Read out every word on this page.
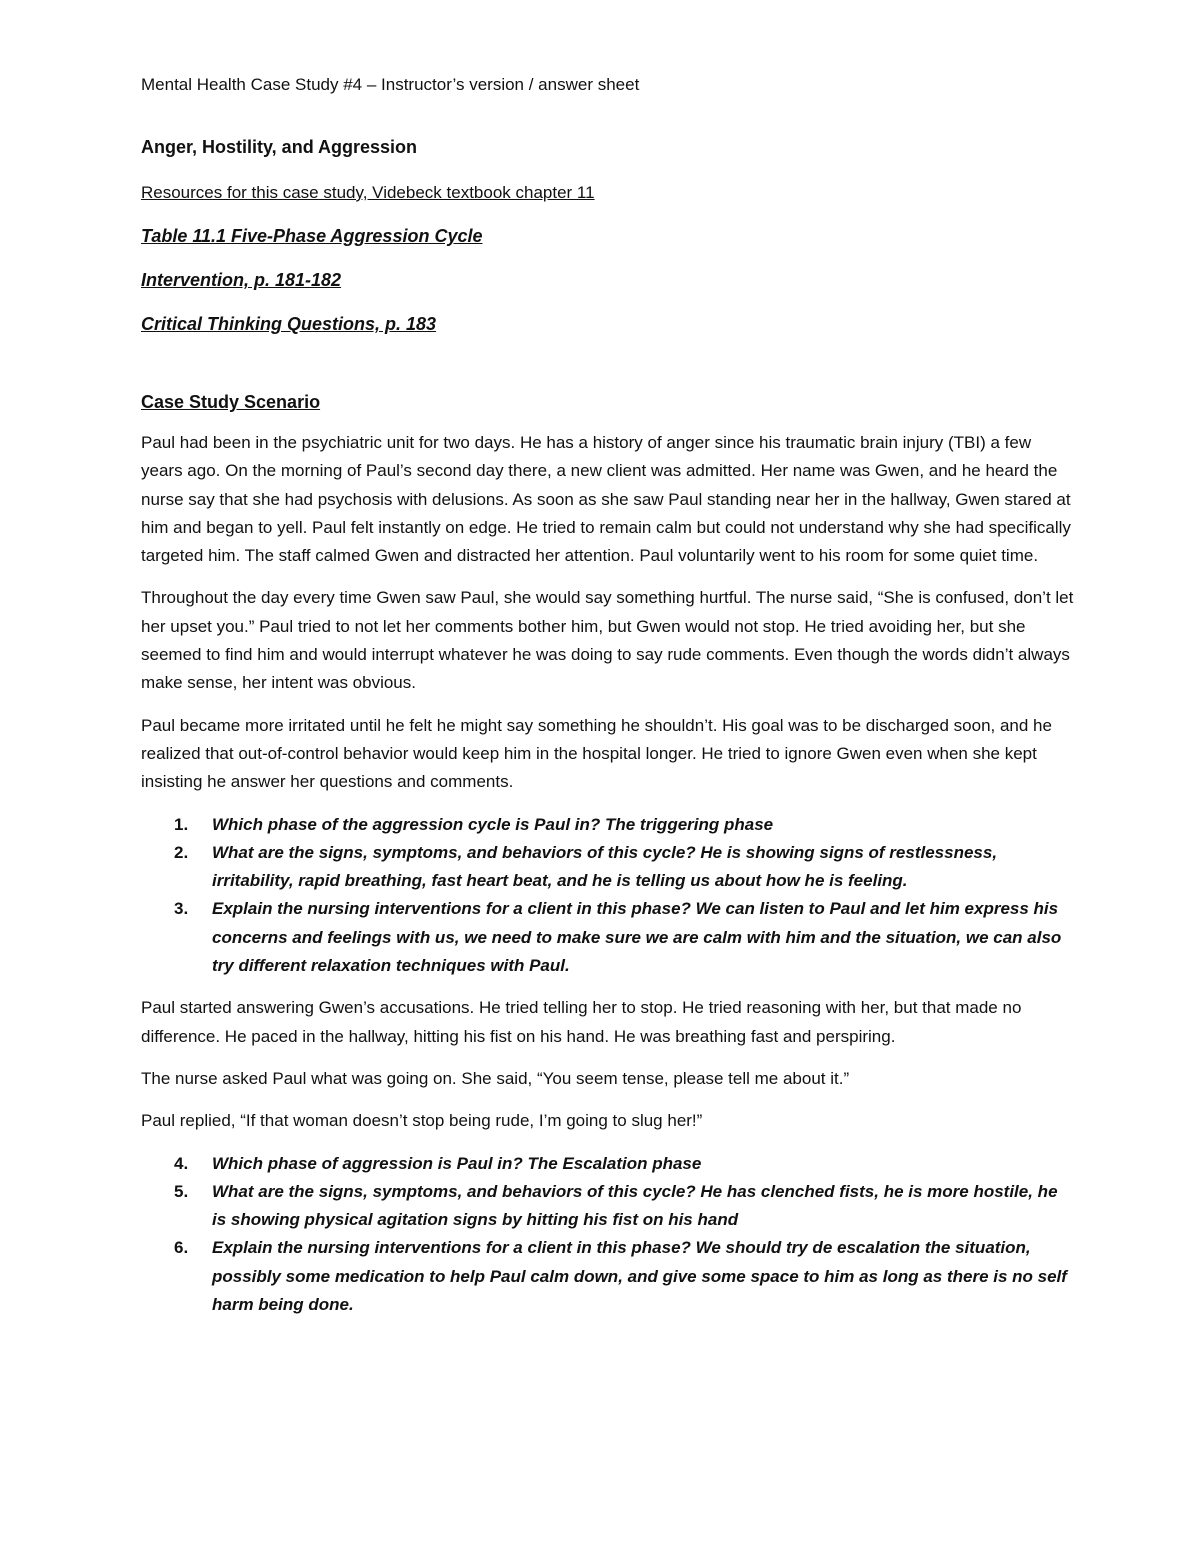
Mental Health Case Study #4 – Instructor’s version / answer sheet

Anger, Hostility, and Aggression

Resources for this case study, Videbeck textbook chapter 11

Table 11.1 Five-Phase Aggression Cycle

Intervention, p. 181-182

Critical Thinking Questions, p. 183

Case Study Scenario

Paul had been in the psychiatric unit for two days. He has a history of anger since his traumatic brain injury (TBI) a few years ago. On the morning of Paul’s second day there, a new client was admitted. Her name was Gwen, and he heard the nurse say that she had psychosis with delusions. As soon as she saw Paul standing near her in the hallway, Gwen stared at him and began to yell. Paul felt instantly on edge. He tried to remain calm but could not understand why she had specifically targeted him. The staff calmed Gwen and distracted her attention. Paul voluntarily went to his room for some quiet time.

Throughout the day every time Gwen saw Paul, she would say something hurtful. The nurse said, “She is confused, don’t let her upset you.” Paul tried to not let her comments bother him, but Gwen would not stop. He tried avoiding her, but she seemed to find him and would interrupt whatever he was doing to say rude comments. Even though the words didn’t always make sense, her intent was obvious.

Paul became more irritated until he felt he might say something he shouldn’t. His goal was to be discharged soon, and he realized that out-of-control behavior would keep him in the hospital longer. He tried to ignore Gwen even when she kept insisting he answer her questions and comments.

1. Which phase of the aggression cycle is Paul in? The triggering phase
2. What are the signs, symptoms, and behaviors of this cycle? He is showing signs of restlessness, irritability, rapid breathing, fast heart beat, and he is telling us about how he is feeling.
3. Explain the nursing interventions for a client in this phase? We can listen to Paul and let him express his concerns and feelings with us, we need to make sure we are calm with him and the situation, we can also try different relaxation techniques with Paul.

Paul started answering Gwen’s accusations. He tried telling her to stop. He tried reasoning with her, but that made no difference. He paced in the hallway, hitting his fist on his hand. He was breathing fast and perspiring.

The nurse asked Paul what was going on. She said, “You seem tense, please tell me about it.”

Paul replied, “If that woman doesn’t stop being rude, I’m going to slug her!”

4. Which phase of aggression is Paul in? The Escalation phase
5. What are the signs, symptoms, and behaviors of this cycle? He has clenched fists, he is more hostile, he is showing physical agitation signs by hitting his fist on his hand
6. Explain the nursing interventions for a client in this phase? We should try de escalation the situation, possibly some medication to help Paul calm down, and give some space to him as long as there is no self harm being done.
